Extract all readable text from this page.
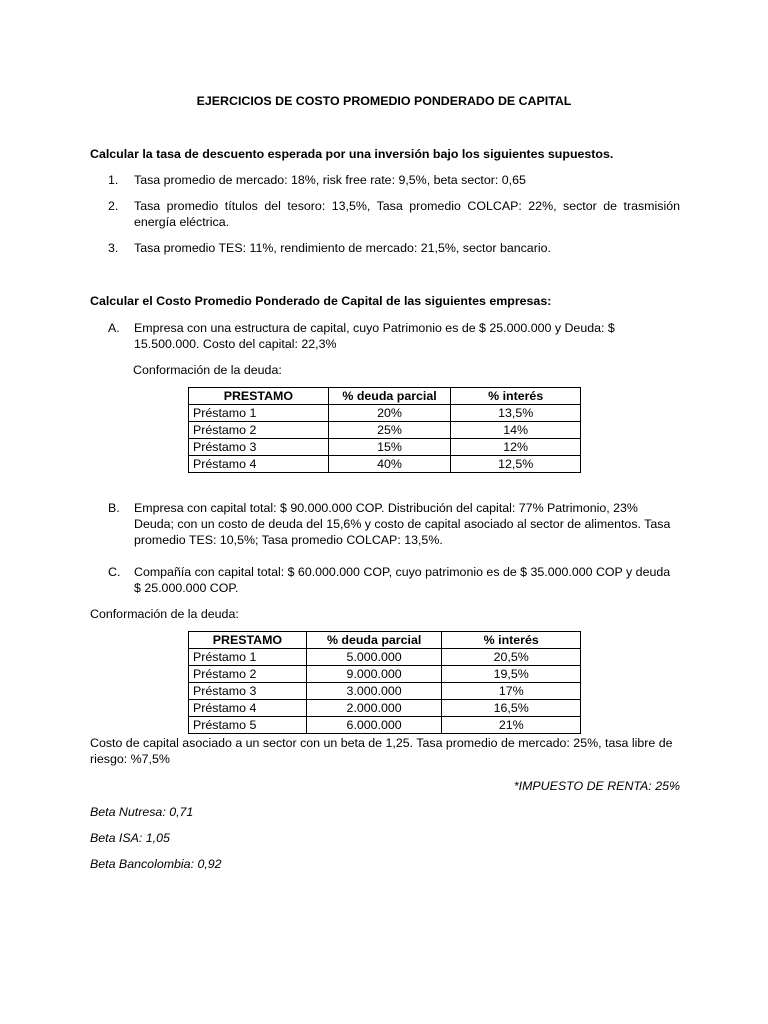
EJERCICIOS DE COSTO PROMEDIO PONDERADO DE CAPITAL
Calcular la tasa de descuento esperada por una inversión bajo los siguientes supuestos.
1. Tasa promedio de mercado: 18%, risk free rate: 9,5%, beta sector: 0,65
2. Tasa promedio títulos del tesoro: 13,5%, Tasa promedio COLCAP: 22%, sector de trasmisión energía eléctrica.
3. Tasa promedio TES: 11%, rendimiento de mercado: 21,5%, sector bancario.
Calcular el Costo Promedio Ponderado de Capital de las siguientes empresas:
A. Empresa con una estructura de capital, cuyo Patrimonio es de $ 25.000.000 y Deuda: $ 15.500.000. Costo del capital: 22,3%
Conformación de la deuda:
PRESTAMO	% deuda parcial	% interés
Préstamo 1	20%	13,5%
Préstamo 2	25%	14%
Préstamo 3	15%	12%
Préstamo 4	40%	12,5%
B. Empresa con capital total: $ 90.000.000 COP. Distribución del capital: 77% Patrimonio, 23% Deuda; con un costo de deuda del 15,6% y costo de capital asociado al sector de alimentos. Tasa promedio TES: 10,5%; Tasa promedio COLCAP: 13,5%.
C. Compañía con capital total: $ 60.000.000 COP, cuyo patrimonio es de $ 35.000.000 COP y deuda $ 25.000.000 COP.
Conformación de la deuda:
PRESTAMO	% deuda parcial	% interés
Préstamo 1	5.000.000	20,5%
Préstamo 2	9.000.000	19,5%
Préstamo 3	3.000.000	17%
Préstamo 4	2.000.000	16,5%
Préstamo 5	6.000.000	21%
Costo de capital asociado a un sector con un beta de 1,25. Tasa promedio de mercado: 25%, tasa libre de riesgo: %7,5%
*IMPUESTO DE RENTA: 25%
Beta Nutresa: 0,71
Beta ISA: 1,05
Beta Bancolombia: 0,92
